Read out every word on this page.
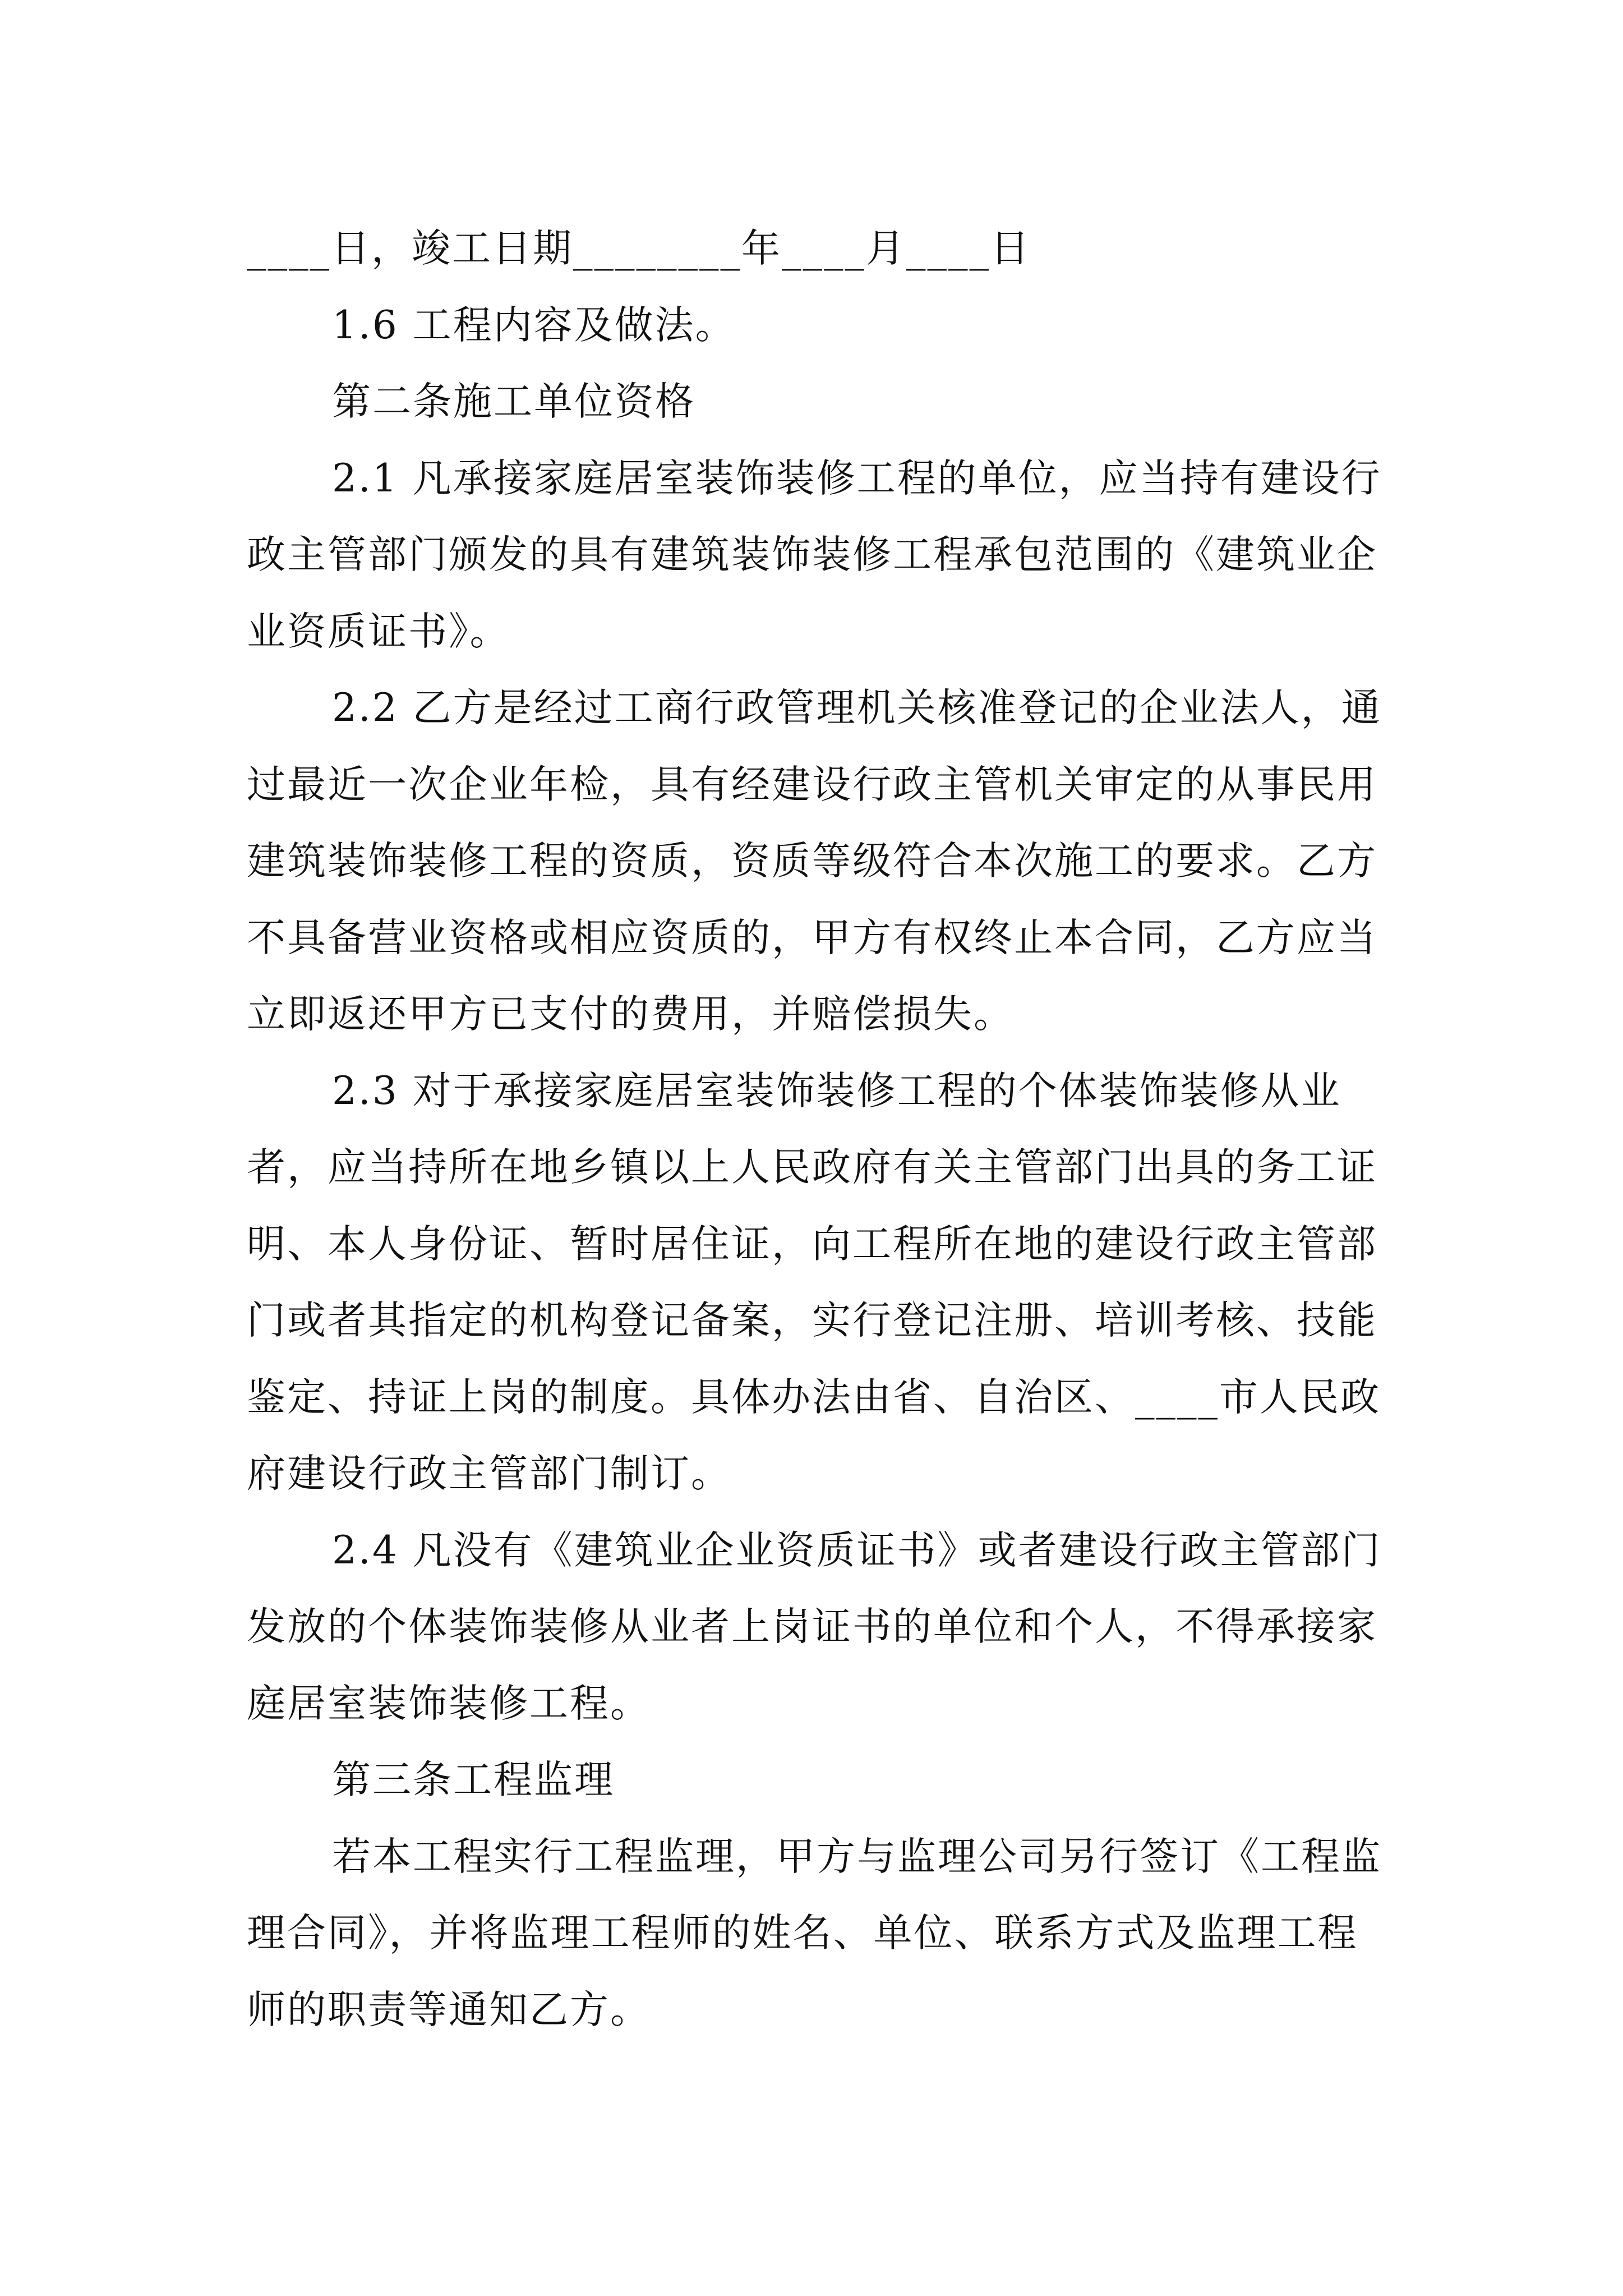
____日，竣工日期________年____月____日

1.6 工程内容及做法。

第二条施工单位资格

2.1 凡承接家庭居室装饰装修工程的单位，应当持有建设行政主管部门颁发的具有建筑装饰装修工程承包范围的《建筑业企业资质证书》。

2.2 乙方是经过工商行政管理机关核准登记的企业法人，通过最近一次企业年检，具有经建设行政主管机关审定的从事民用建筑装饰装修工程的资质，资质等级符合本次施工的要求。乙方不具备营业资格或相应资质的，甲方有权终止本合同，乙方应当立即返还甲方已支付的费用，并赔偿损失。

2.3 对于承接家庭居室装饰装修工程的个体装饰装修从业者，应当持所在地乡镇以上人民政府有关主管部门出具的务工证明、本人身份证、暂时居住证，向工程所在地的建设行政主管部门或者其指定的机构登记备案，实行登记注册、培训考核、技能鉴定、持证上岗的制度。具体办法由省、自治区、____市人民政府建设行政主管部门制订。

2.4 凡没有《建筑业企业资质证书》或者建设行政主管部门发放的个体装饰装修从业者上岗证书的单位和个人，不得承接家庭居室装饰装修工程。

第三条工程监理

若本工程实行工程监理，甲方与监理公司另行签订《工程监理合同》，并将监理工程师的姓名、单位、联系方式及监理工程师的职责等通知乙方。
